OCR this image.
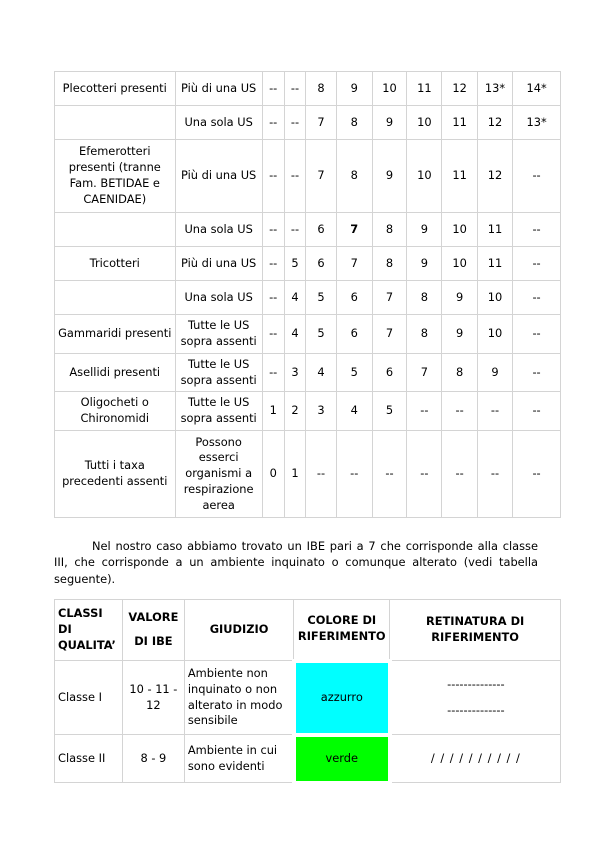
Plecotteri presenti	Più di una US	--	--	8	9	10	11	12	13*	14*
	Una sola US	--	--	7	8	9	10	11	12	13*
Efemerotteri presenti (tranne Fam. BETIDAE e CAENIDAE)	Più di una US	--	--	7	8	9	10	11	12	--
	Una sola US	--	--	6	7	8	9	10	11	--
Tricotteri	Più di una US	--	5	6	7	8	9	10	11	--
	Una sola US	--	4	5	6	7	8	9	10	--
Gammaridi presenti	Tutte le US sopra assenti	--	4	5	6	7	8	9	10	--
Asellidi presenti	Tutte le US sopra assenti	--	3	4	5	6	7	8	9	--
Oligocheti o Chironomidi	Tutte le US sopra assenti	1	2	3	4	5	--	--	--	--
Tutti i taxa precedenti assenti	Possono esserci organismi a respirazione aerea	0	1	--	--	--	--	--	--	--

Nel nostro caso abbiamo trovato un IBE pari a 7 che corrisponde alla classe III, che corrisponde a un ambiente inquinato o comunque alterato (vedi tabella seguente).

CLASSI DI QUALITA’	VALORE
DI IBE	GIUDIZIO	COLORE DI RIFERIMENTO	RETINATURA DI RIFERIMENTO
Classe I	10 - 11 - 12	Ambiente non inquinato o non alterato in modo sensibile	azzurro	--------------
--------------

Classe II	8 - 9	Ambiente in cui sono evidenti	verde	/ / / / / / / / / /
